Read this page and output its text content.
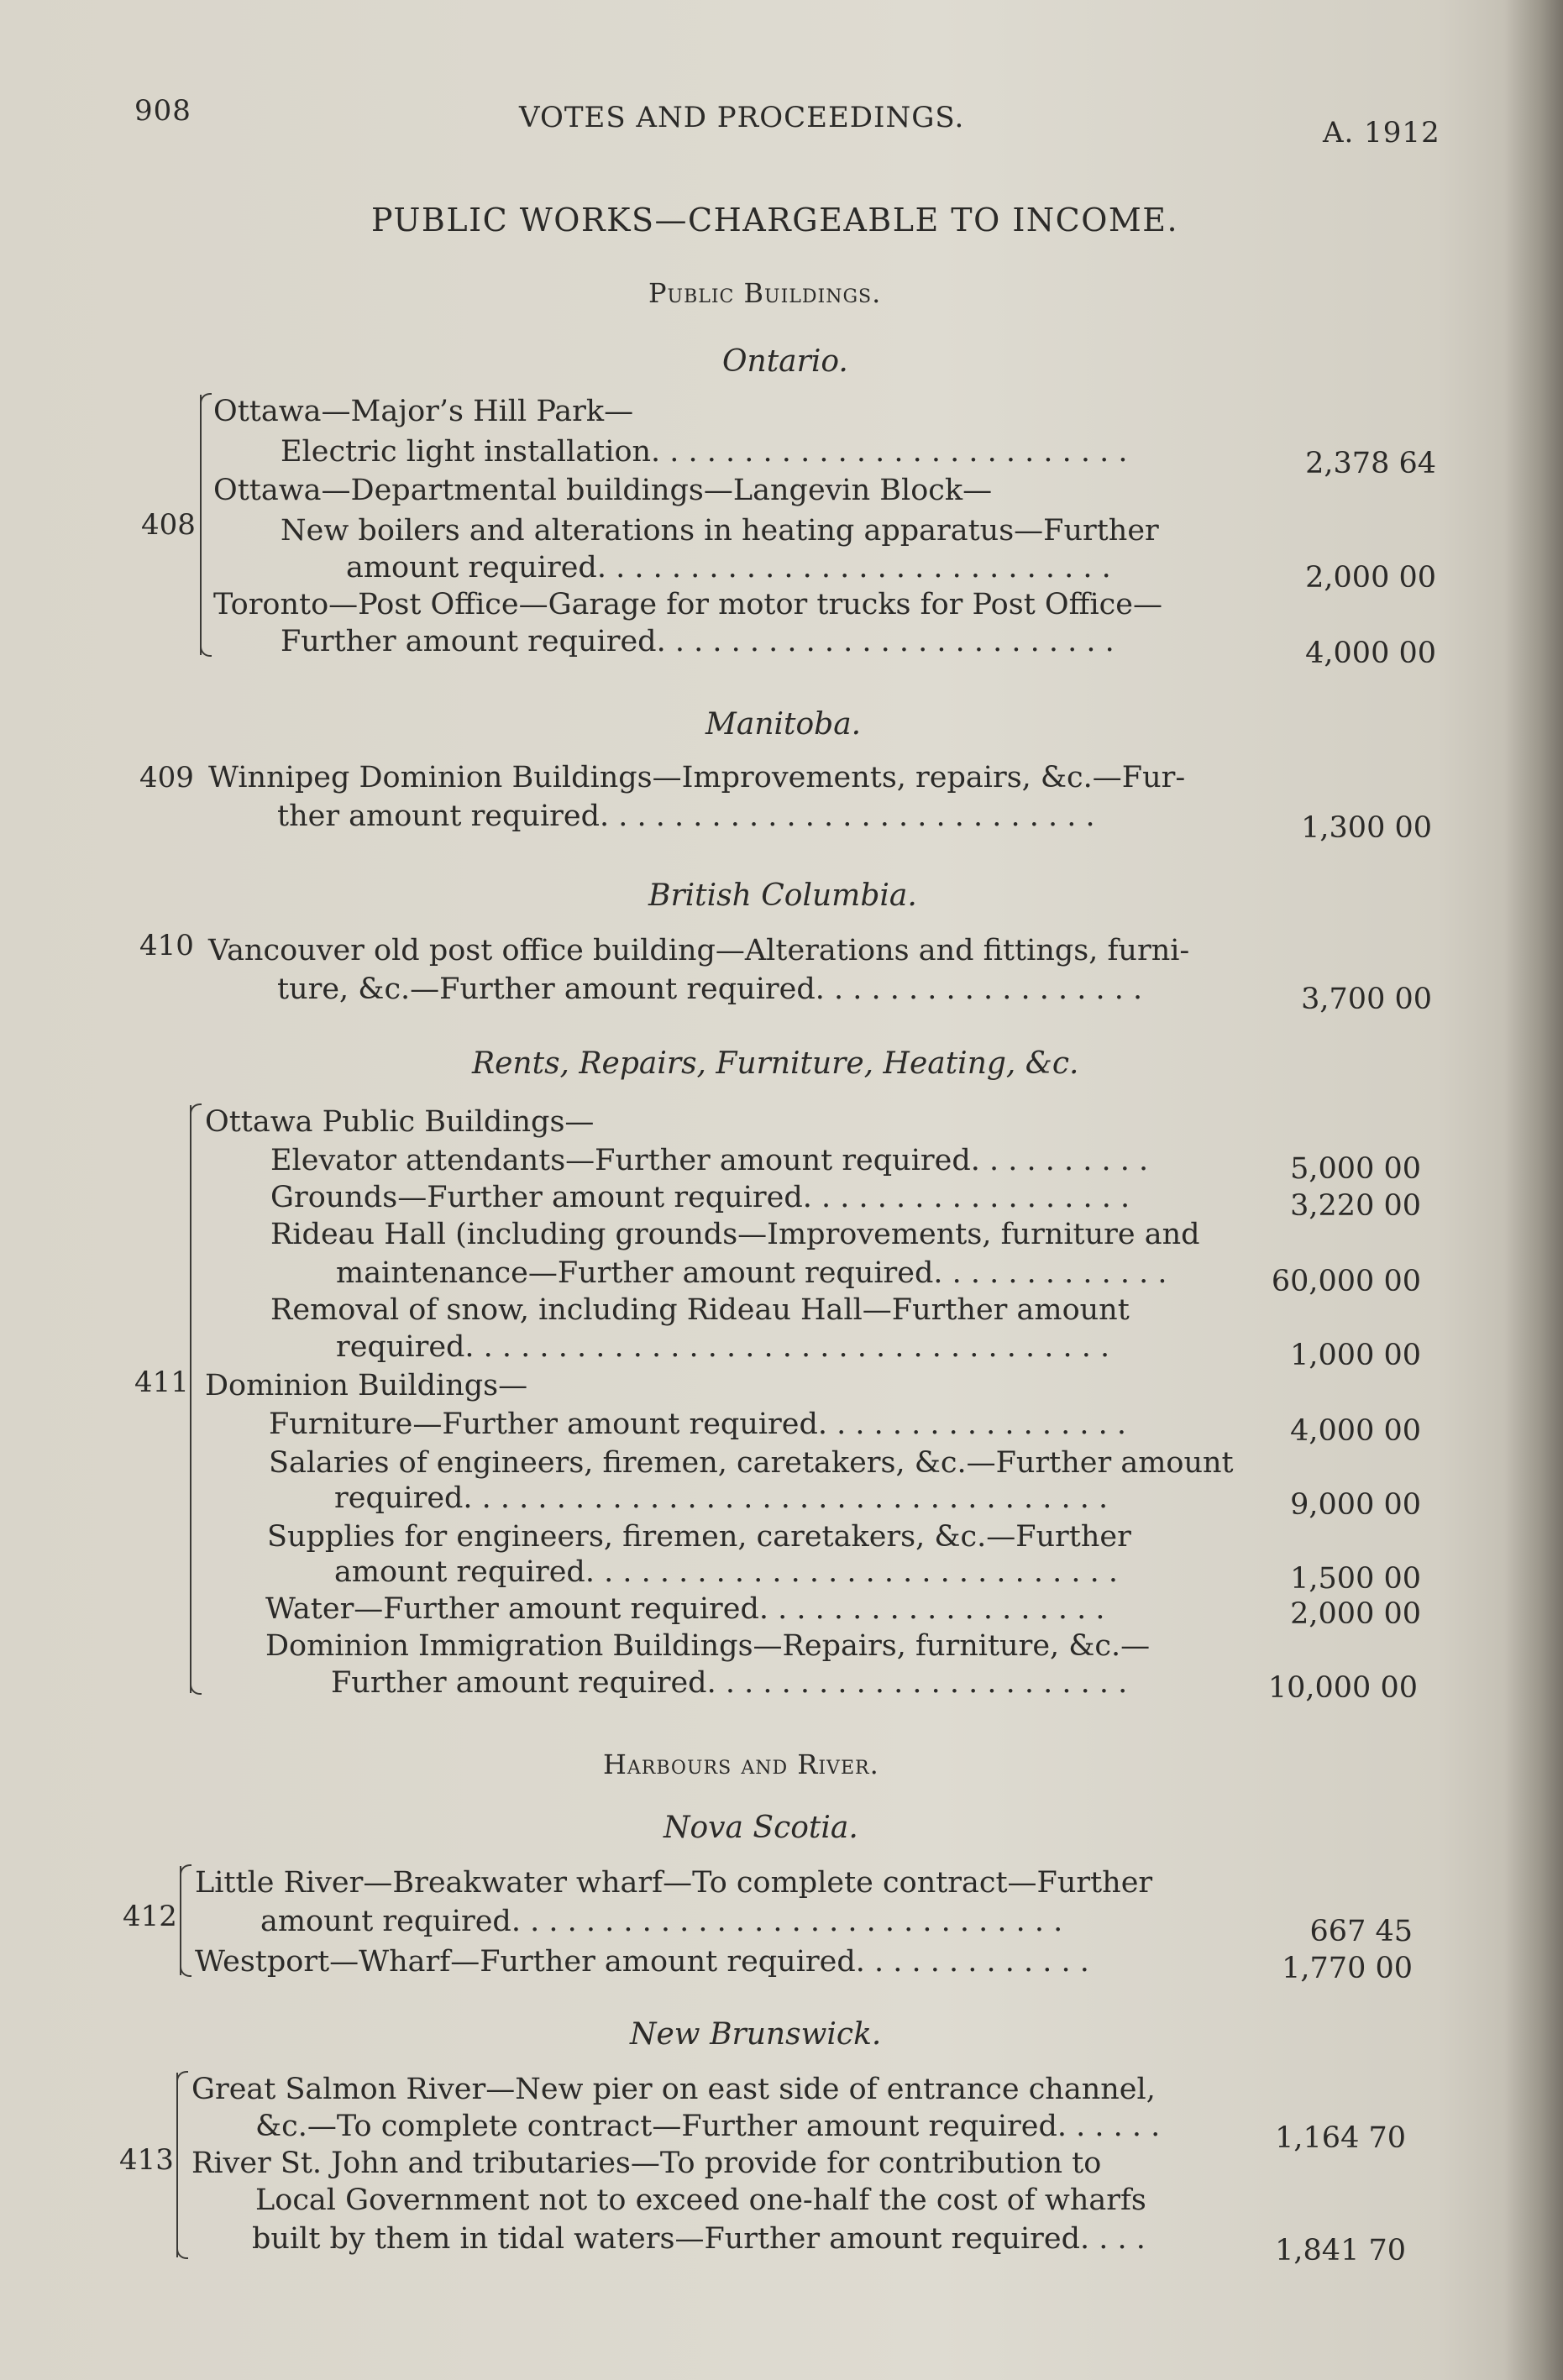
908	VOTES AND PROCEEDINGS.	A. 1912
PUBLIC WORKS—CHARGEABLE TO INCOME.
Public Buildings.
Ontario.
408
Ottawa—Major’s Hill Park—
Electric light installation. . . . . . . . . . . . . . . . . . . . . . . . . .	2,378 64
Ottawa—Departmental buildings—Langevin Block—
New boilers and alterations in heating apparatus—Further
amount required. . . . . . . . . . . . . . . . . . . . . . . . . . . .	2,000 00
Toronto—Post Office—Garage for motor trucks for Post Office—
Further amount required. . . . . . . . . . . . . . . . . . . . . . . . .	4,000 00
Manitoba.
409 Winnipeg Dominion Buildings—Improvements, repairs, &c.—Fur-
ther amount required. . . . . . . . . . . . . . . . . . . . . . . . . . .	1,300 00
British Columbia.
410 Vancouver old post office building—Alterations and fittings, furni-
ture, &c.—Further amount required. . . . . . . . . . . . . . . . . .	3,700 00
Rents, Repairs, Furniture, Heating, &c.
411
Ottawa Public Buildings—
Elevator attendants—Further amount required. . . . . . . . . .	5,000 00
Grounds—Further amount required. . . . . . . . . . . . . . . . . .	3,220 00
Rideau Hall (including grounds—Improvements, furniture and
maintenance—Further amount required. . . . . . . . . . . . .	60,000 00
Removal of snow, including Rideau Hall—Further amount
required. . . . . . . . . . . . . . . . . . . . . . . . . . . . . . . . . . .	1,000 00
Dominion Buildings—
Furniture—Further amount required. . . . . . . . . . . . . . . . .	4,000 00
Salaries of engineers, firemen, caretakers, &c.—Further amount
required. . . . . . . . . . . . . . . . . . . . . . . . . . . . . . . . . . .	9,000 00
Supplies for engineers, firemen, caretakers, &c.—Further
amount required. . . . . . . . . . . . . . . . . . . . . . . . . . . . .	1,500 00
Water—Further amount required. . . . . . . . . . . . . . . . . . .	2,000 00
Dominion Immigration Buildings—Repairs, furniture, &c.—
Further amount required. . . . . . . . . . . . . . . . . . . . . . .	10,000 00
Harbours and River.
Nova Scotia.
412
Little River—Breakwater wharf—To complete contract—Further
amount required. . . . . . . . . . . . . . . . . . . . . . . . . . . . . .	667 45
Westport—Wharf—Further amount required. . . . . . . . . . . . .	1,770 00
New Brunswick.
413
Great Salmon River—New pier on east side of entrance channel,
&c.—To complete contract—Further amount required. . . . . .	1,164 70
River St. John and tributaries—To provide for contribution to
Local Government not to exceed one-half the cost of wharfs
built by them in tidal waters—Further amount required. . . .	1,841 70
